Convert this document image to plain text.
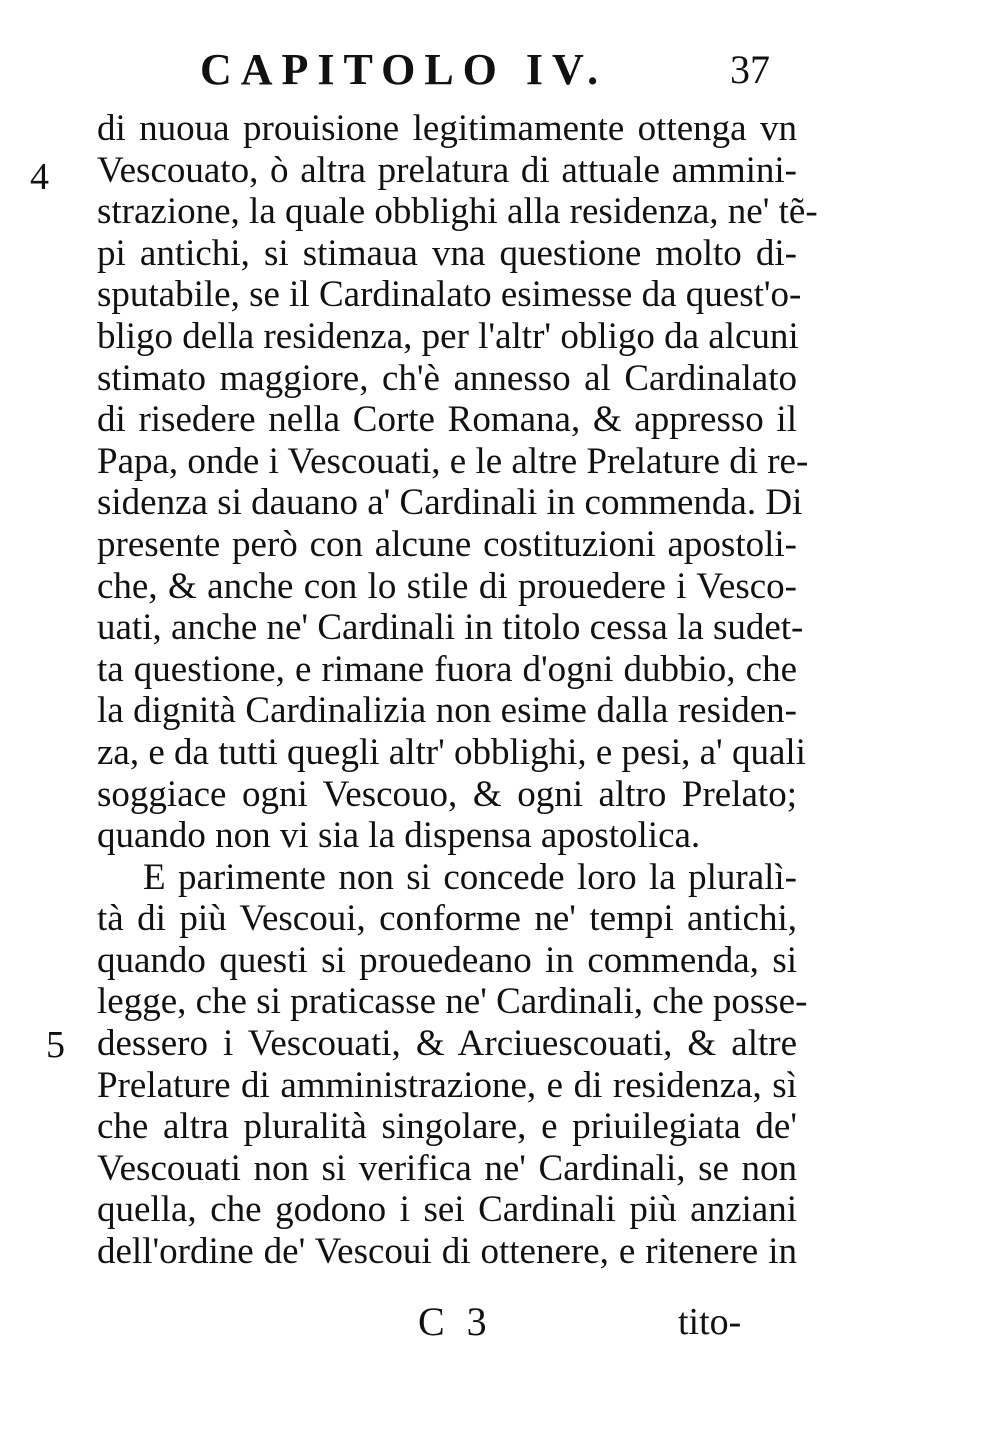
CAPITOLO IV.	37
4
5
di nuoua prouisione legitimamente ottenga vn
Vescouato, ò altra prelatura di attuale ammini-
strazione, la quale obblighi alla residenza, ne' tẽ-
pi antichi, si stimaua vna questione molto di-
sputabile, se il Cardinalato esimesse da quest'o-
bligo della residenza, per l'altr' obligo da alcuni
stimato maggiore, ch'è annesso al Cardinalato
di risedere nella Corte Romana, & appresso il
Papa, onde i Vescouati, e le altre Prelature di re-
sidenza si dauano a' Cardinali in commenda. Di
presente però con alcune costituzioni apostoli-
che, & anche con lo stile di prouedere i Vesco-
uati, anche ne' Cardinali in titolo cessa la sudet-
ta questione, e rimane fuora d'ogni dubbio, che
la dignità Cardinalizia non esime dalla residen-
za, e da tutti quegli altr' obblighi, e pesi, a' quali
soggiace ogni Vescouo, & ogni altro Prelato;
quando non vi sia la dispensa apostolica.
E parimente non si concede loro la pluralì-
tà di più Vescoui, conforme ne' tempi antichi,
quando questi si prouedeano in commenda, si
legge, che si praticasse ne' Cardinali, che posse-
dessero i Vescouati, & Arciuescouati, & altre
Prelature di amministrazione, e di residenza, sì
che altra pluralità singolare, e priuilegiata de'
Vescouati non si verifica ne' Cardinali, se non
quella, che godono i sei Cardinali più anziani
dell'ordine de' Vescoui di ottenere, e ritenere in
C 3	tito-
